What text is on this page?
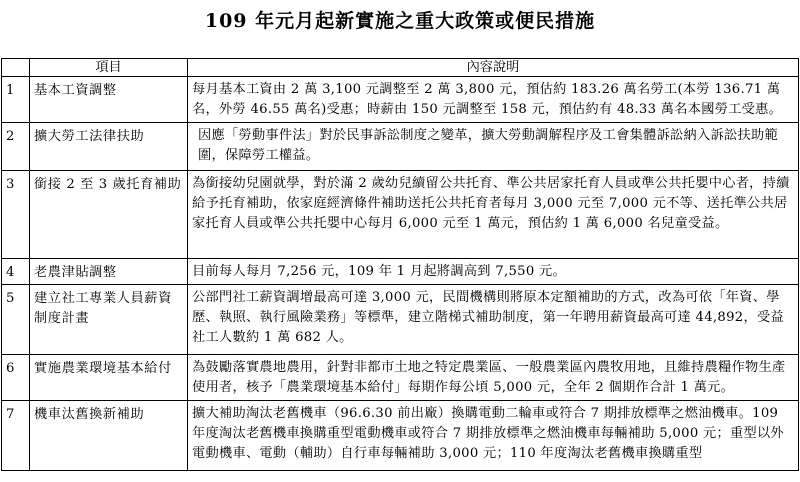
109 年元月起新實施之重大政策或便民措施
	項目	內容說明
1	基本工資調整	每月基本工資由 2 萬 3,100 元調整至 2 萬 3,800 元，預估約 183.26 萬名勞工(本勞 136.71 萬名，外勞 46.55 萬名)受惠；時薪由 150 元調整至 158 元，預估約有 48.33 萬名本國勞工受惠。
2	擴大勞工法律扶助	因應「勞動事件法」對於民事訴訟制度之變革，擴大勞動調解程序及工會集體訴訟納入訴訟扶助範圍，保障勞工權益。
3	銜接 2 至 3 歲托育補助	為銜接幼兒園就學，對於滿 2 歲幼兒續留公共托育、準公共居家托育人員或準公共托嬰中心者，持續給予托育補助，依家庭經濟條件補助送托公共托育者每月 3,000 元至 7,000 元不等、送托準公共居家托育人員或準公共托嬰中心每月 6,000 元至 1 萬元，預估約 1 萬 6,000 名兒童受益。
4	老農津貼調整	目前每人每月 7,256 元，109 年 1 月起將調高到 7,550 元。
5	建立社工專業人員薪資制度計畫	公部門社工薪資調增最高可達 3,000 元，民間機構則將原本定額補助的方式，改為可依「年資、學歷、執照、執行風險業務」等標準，建立階梯式補助制度，第一年聘用薪資最高可達 44,892，受益社工人數約 1 萬 682 人。
6	實施農業環境基本給付	為鼓勵落實農地農用，針對非都市土地之特定農業區、一般農業區內農牧用地，且維持農糧作物生產使用者，核予「農業環境基本給付」每期作每公頃 5,000 元，全年 2 個期作合計 1 萬元。
7	機車汰舊換新補助	擴大補助淘汰老舊機車（96.6.30 前出廠）換購電動二輪車或符合 7 期排放標準之燃油機車。109 年度淘汰老舊機車換購重型電動機車或符合 7 期排放標準之燃油機車每輛補助 5,000 元；重型以外電動機車、電動（輔助）自行車每輛補助 3,000 元；110 年度淘汰老舊機車換購重型
